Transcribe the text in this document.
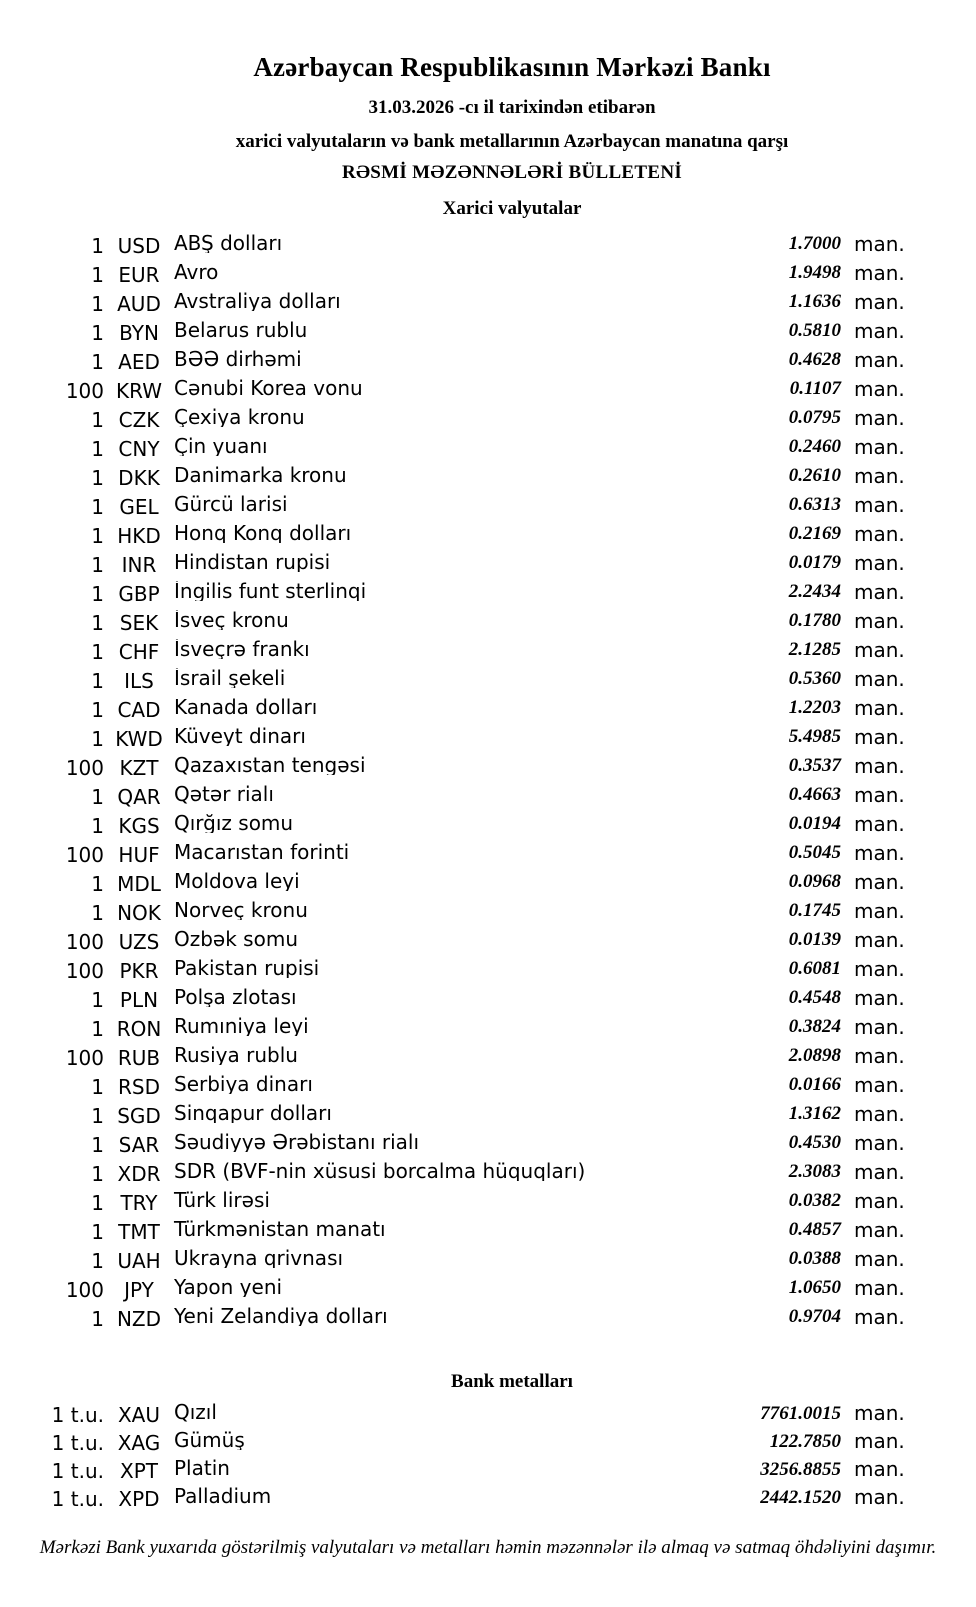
Azərbaycan Respublikasının Mərkəzi Bankı
31.03.2026 -cı il tarixindən etibarən
xarici valyutaların və bank metallarının Azərbaycan manatına qarşı
RƏSMİ MƏZƏNNƏLƏRİ BÜLLETENİ
Xarici valyutalar
1 USD ABŞ dolları	1.7000 man.
1 EUR Avro	1.9498 man.
1 AUD Avstraliya dolları	1.1636 man.
1 BYN Belarus rublu	0.5810 man.
1 AED BƏƏ dirhəmi	0.4628 man.
100 KRW Cənubi Korea vonu	0.1107 man.
1 CZK Çexiya kronu	0.0795 man.
1 CNY Çin yuanı	0.2460 man.
1 DKK Danimarka kronu	0.2610 man.
1 GEL Gürcü larisi	0.6313 man.
1 HKD Honq Konq dolları	0.2169 man.
1 INR Hindistan rupisi	0.0179 man.
1 GBP İngilis funt sterlinqi	2.2434 man.
1 SEK İsveç kronu	0.1780 man.
1 CHF İsveçrə frankı	2.1285 man.
1	ILS	İsrail şekeli	0.5360 man.
1 CAD Kanada dolları	1.2203 man.
1 KWD Küveyt dinarı	5.4985 man.
100 KZT Qazaxıstan tengəsi	0.3537 man.
1 QAR Qətər rialı	0.4663 man.
1 KGS Qırğız somu	0.0194 man.
100 HUF Macarıstan forinti	0.5045 man.
1 MDL Moldova leyi	0.0968 man.
1 NOK Norveç kronu	0.1745 man.
100 UZS Özbək somu	0.0139 man.
100 PKR Pakistan rupisi	0.6081 man.
1 PLN Polşa zlotası	0.4548 man.
1 RON Rumıniya leyi	0.3824 man.
100 RUB Rusiya rublu	2.0898 man.
1 RSD Serbiya dinarı	0.0166 man.
1 SGD Sinqapur dolları	1.3162 man.
1 SAR Səudiyyə Ərəbistanı rialı	0.4530 man.
1 XDR SDR (BVF-nin xüsusi borcalma hüquqları)	2.3083 man.
1 TRY Türk lirəsi	0.0382 man.
1 TMT Türkmənistan manatı	0.4857 man.
1 UAH Ukrayna qrivnası	0.0388 man.
100	JPY	Yapon yeni	1.0650 man.
1 NZD Yeni Zelandiya dolları	0.9704 man.
Bank metalları
1 t.u. XAU Qızıl	7761.0015 man.
1 t.u. XAG Gümüş	122.7850 man.
1 t.u. XPT Platin	3256.8855 man.
1 t.u. XPD Palladium	2442.1520 man.
Mərkəzi Bank yuxarıda göstərilmiş valyutaları və metalları həmin məzənnələr ilə almaq və satmaq öhdəliyini daşımır.
